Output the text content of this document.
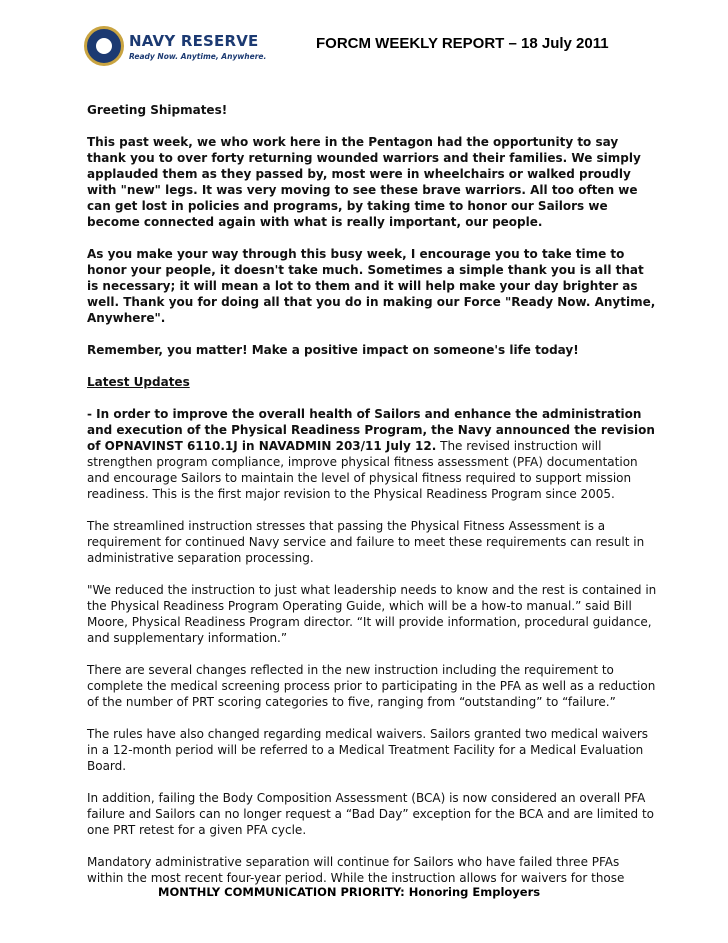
NAVY RESERVE
Ready Now. Anytime, Anywhere.
FORCM WEEKLY REPORT – 18 July 2011

Greeting Shipmates!

This past week, we who work here in the Pentagon had the opportunity to say thank you to over forty returning wounded warriors and their families. We simply applauded them as they passed by, most were in wheelchairs or walked proudly with "new" legs. It was very moving to see these brave warriors. All too often we can get lost in policies and programs, by taking time to honor our Sailors we become connected again with what is really important, our people.

As you make your way through this busy week, I encourage you to take time to honor your people, it doesn't take much. Sometimes a simple thank you is all that is necessary; it will mean a lot to them and it will help make your day brighter as well. Thank you for doing all that you do in making our Force "Ready Now. Anytime, Anywhere".

Remember, you matter! Make a positive impact on someone's life today!

Latest Updates

- In order to improve the overall health of Sailors and enhance the administration and execution of the Physical Readiness Program, the Navy announced the revision of OPNAVINST 6110.1J in NAVADMIN 203/11 July 12. The revised instruction will strengthen program compliance, improve physical fitness assessment (PFA) documentation and encourage Sailors to maintain the level of physical fitness required to support mission readiness. This is the first major revision to the Physical Readiness Program since 2005.

The streamlined instruction stresses that passing the Physical Fitness Assessment is a requirement for continued Navy service and failure to meet these requirements can result in administrative separation processing.

"We reduced the instruction to just what leadership needs to know and the rest is contained in the Physical Readiness Program Operating Guide, which will be a how-to manual.” said Bill Moore, Physical Readiness Program director. “It will provide information, procedural guidance, and supplementary information.”

There are several changes reflected in the new instruction including the requirement to complete the medical screening process prior to participating in the PFA as well as a reduction of the number of PRT scoring categories to five, ranging from “outstanding” to “failure.”

The rules have also changed regarding medical waivers. Sailors granted two medical waivers in a 12-month period will be referred to a Medical Treatment Facility for a Medical Evaluation Board.

In addition, failing the Body Composition Assessment (BCA) is now considered an overall PFA failure and Sailors can no longer request a “Bad Day” exception for the BCA and are limited to one PRT retest for a given PFA cycle.

Mandatory administrative separation will continue for Sailors who have failed three PFAs within the most recent four-year period. While the instruction allows for waivers for those

MONTHLY COMMUNICATION PRIORITY: Honoring Employers
